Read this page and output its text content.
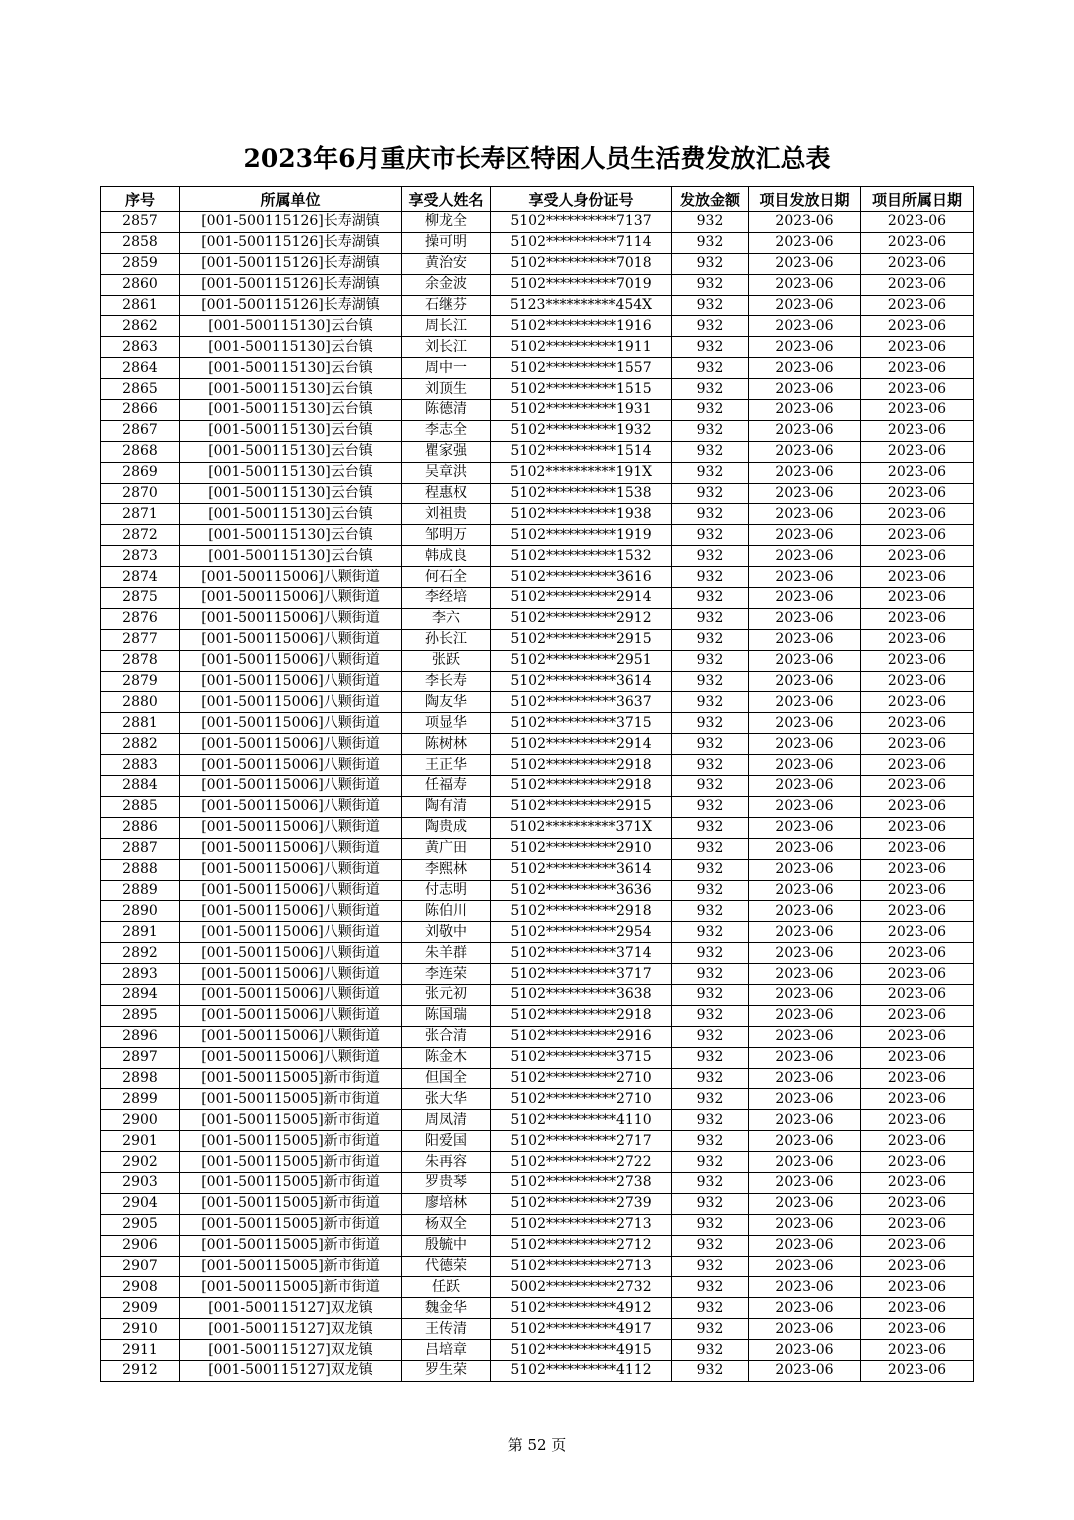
2023年6月重庆市长寿区特困人员生活费发放汇总表
序号	所属单位	享受人姓名	享受人身份证号	发放金额	项目发放日期	项目所属日期
2857	[001-500115126]长寿湖镇	柳龙全	5102**********7137	932	2023-06	2023-06
2858	[001-500115126]长寿湖镇	操可明	5102**********7114	932	2023-06	2023-06
2859	[001-500115126]长寿湖镇	黄治安	5102**********7018	932	2023-06	2023-06
2860	[001-500115126]长寿湖镇	余金波	5102**********7019	932	2023-06	2023-06
2861	[001-500115126]长寿湖镇	石继芬	5123**********454X	932	2023-06	2023-06
2862	[001-500115130]云台镇	周长江	5102**********1916	932	2023-06	2023-06
2863	[001-500115130]云台镇	刘长江	5102**********1911	932	2023-06	2023-06
2864	[001-500115130]云台镇	周中一	5102**********1557	932	2023-06	2023-06
2865	[001-500115130]云台镇	刘顶生	5102**********1515	932	2023-06	2023-06
2866	[001-500115130]云台镇	陈德清	5102**********1931	932	2023-06	2023-06
2867	[001-500115130]云台镇	李志全	5102**********1932	932	2023-06	2023-06
2868	[001-500115130]云台镇	瞿家强	5102**********1514	932	2023-06	2023-06
2869	[001-500115130]云台镇	吴章洪	5102**********191X	932	2023-06	2023-06
2870	[001-500115130]云台镇	程惠权	5102**********1538	932	2023-06	2023-06
2871	[001-500115130]云台镇	刘祖贵	5102**********1938	932	2023-06	2023-06
2872	[001-500115130]云台镇	邹明万	5102**********1919	932	2023-06	2023-06
2873	[001-500115130]云台镇	韩成良	5102**********1532	932	2023-06	2023-06
2874	[001-500115006]八颗街道	何石全	5102**********3616	932	2023-06	2023-06
2875	[001-500115006]八颗街道	李经培	5102**********2914	932	2023-06	2023-06
2876	[001-500115006]八颗街道	李六	5102**********2912	932	2023-06	2023-06
2877	[001-500115006]八颗街道	孙长江	5102**********2915	932	2023-06	2023-06
2878	[001-500115006]八颗街道	张跃	5102**********2951	932	2023-06	2023-06
2879	[001-500115006]八颗街道	李长寿	5102**********3614	932	2023-06	2023-06
2880	[001-500115006]八颗街道	陶友华	5102**********3637	932	2023-06	2023-06
2881	[001-500115006]八颗街道	项显华	5102**********3715	932	2023-06	2023-06
2882	[001-500115006]八颗街道	陈树林	5102**********2914	932	2023-06	2023-06
2883	[001-500115006]八颗街道	王正华	5102**********2918	932	2023-06	2023-06
2884	[001-500115006]八颗街道	任福寿	5102**********2918	932	2023-06	2023-06
2885	[001-500115006]八颗街道	陶有清	5102**********2915	932	2023-06	2023-06
2886	[001-500115006]八颗街道	陶贵成	5102**********371X	932	2023-06	2023-06
2887	[001-500115006]八颗街道	黄广田	5102**********2910	932	2023-06	2023-06
2888	[001-500115006]八颗街道	李熙林	5102**********3614	932	2023-06	2023-06
2889	[001-500115006]八颗街道	付志明	5102**********3636	932	2023-06	2023-06
2890	[001-500115006]八颗街道	陈伯川	5102**********2918	932	2023-06	2023-06
2891	[001-500115006]八颗街道	刘敬中	5102**********2954	932	2023-06	2023-06
2892	[001-500115006]八颗街道	朱羊群	5102**********3714	932	2023-06	2023-06
2893	[001-500115006]八颗街道	李连荣	5102**********3717	932	2023-06	2023-06
2894	[001-500115006]八颗街道	张元初	5102**********3638	932	2023-06	2023-06
2895	[001-500115006]八颗街道	陈国瑞	5102**********2918	932	2023-06	2023-06
2896	[001-500115006]八颗街道	张合清	5102**********2916	932	2023-06	2023-06
2897	[001-500115006]八颗街道	陈金木	5102**********3715	932	2023-06	2023-06
2898	[001-500115005]新市街道	但国全	5102**********2710	932	2023-06	2023-06
2899	[001-500115005]新市街道	张大华	5102**********2710	932	2023-06	2023-06
2900	[001-500115005]新市街道	周凤清	5102**********4110	932	2023-06	2023-06
2901	[001-500115005]新市街道	阳爱国	5102**********2717	932	2023-06	2023-06
2902	[001-500115005]新市街道	朱再容	5102**********2722	932	2023-06	2023-06
2903	[001-500115005]新市街道	罗贵琴	5102**********2738	932	2023-06	2023-06
2904	[001-500115005]新市街道	廖培林	5102**********2739	932	2023-06	2023-06
2905	[001-500115005]新市街道	杨双全	5102**********2713	932	2023-06	2023-06
2906	[001-500115005]新市街道	殷毓中	5102**********2712	932	2023-06	2023-06
2907	[001-500115005]新市街道	代德荣	5102**********2713	932	2023-06	2023-06
2908	[001-500115005]新市街道	任跃	5002**********2732	932	2023-06	2023-06
2909	[001-500115127]双龙镇	魏金华	5102**********4912	932	2023-06	2023-06
2910	[001-500115127]双龙镇	王传清	5102**********4917	932	2023-06	2023-06
2911	[001-500115127]双龙镇	吕培章	5102**********4915	932	2023-06	2023-06
2912	[001-500115127]双龙镇	罗生荣	5102**********4112	932	2023-06	2023-06
第 52 页
